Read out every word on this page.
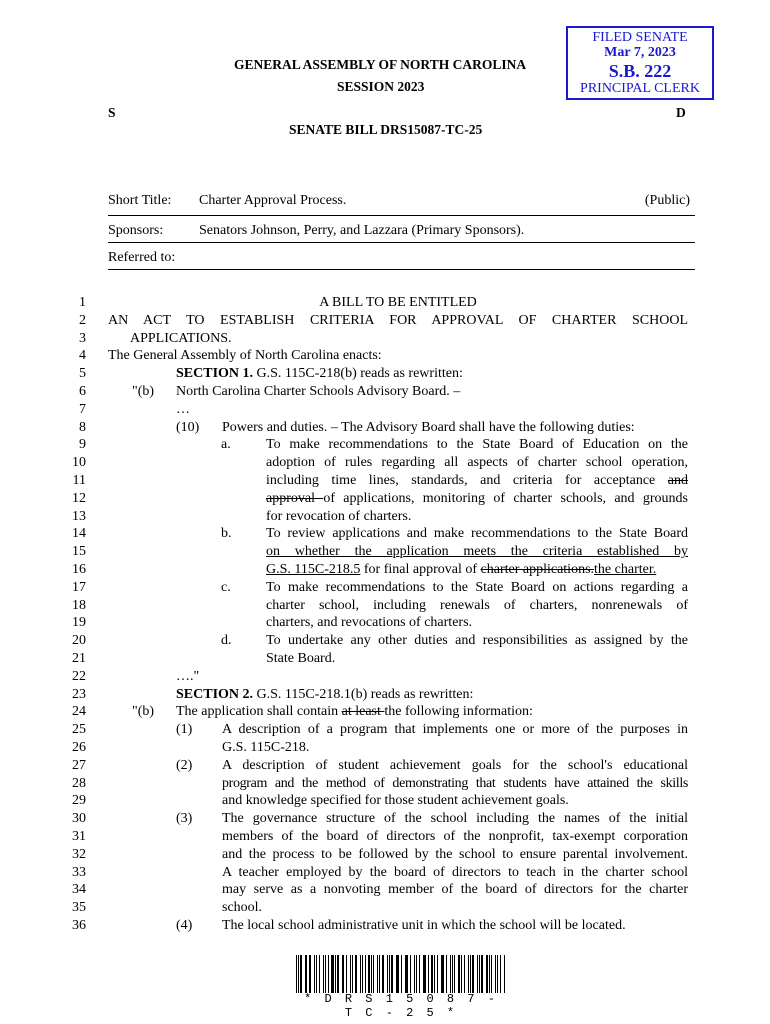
GENERAL ASSEMBLY OF NORTH CAROLINA
SESSION 2023
S	D
SENATE BILL DRS15087-TC-25
FILED SENATE
Mar 7, 2023
S.B. 222
PRINCIPAL CLERK
Short Title: Charter Approval Process.	(Public)
Sponsors:	Senators Johnson, Perry, and Lazzara (Primary Sponsors).
Referred to:
1
2
3
4
5
6
7
8
9
10
11
12
13
14
15
16
17
18
19
20
21
22
23
24
25
26
27
28
29
30
31
32
33
34
35
36
A BILL TO BE ENTITLED
AN ACT TO ESTABLISH CRITERIA FOR APPROVAL OF CHARTER SCHOOL
APPLICATIONS.
The General Assembly of North Carolina enacts:
SECTION 1. G.S. 115C-218(b) reads as rewritten:
"(b) North Carolina Charter Schools Advisory Board. –
…
(10) Powers and duties. – The Advisory Board shall have the following duties:
a.	To make recommendations to the State Board of Education on the
adoption of rules regarding all aspects of charter school operation,
including time lines, standards, and criteria for acceptance and
approval of applications, monitoring of charter schools, and grounds
for revocation of charters.
b. To review applications and make recommendations to the State Board
on whether the application meets the criteria established by
G.S. 115C-218.5 for final approval of charter applications.the charter.
c.	To make recommendations to the State Board on actions regarding a
charter school, including renewals of charters, nonrenewals of
charters, and revocations of charters.
d. To undertake any other duties and responsibilities as assigned by the
State Board.
…."
SECTION 2. G.S. 115C-218.1(b) reads as rewritten:
"(b) The application shall contain at least the following information:
(1) A description of a program that implements one or more of the purposes in
G.S. 115C-218.
(2) A description of student achievement goals for the school's educational
program and the method of demonstrating that students have attained the skills
and knowledge specified for those student achievement goals.
(3) The governance structure of the school including the names of the initial
members of the board of directors of the nonprofit, tax-exempt corporation
and the process to be followed by the school to ensure parental involvement.
A teacher employed by the board of directors to teach in the charter school
may serve as a nonvoting member of the board of directors for the charter
school.
(4) The local school administrative unit in which the school will be located.
* D R S 1 5 0 8 7 - T C - 2 5 *
